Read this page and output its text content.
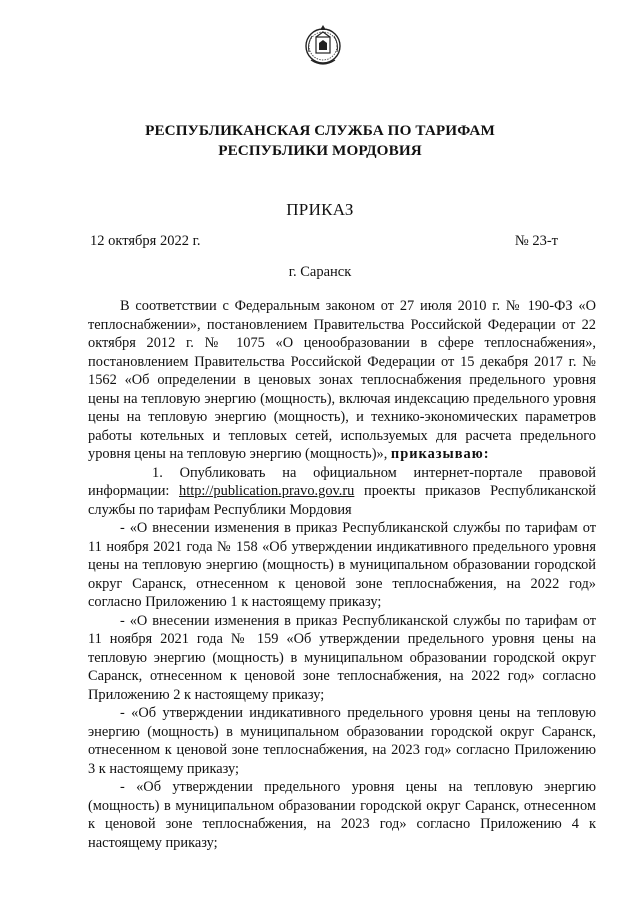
РЕСПУБЛИКАНСКАЯ СЛУЖБА ПО ТАРИФАМ
РЕСПУБЛИКИ МОРДОВИЯ
ПРИКАЗ
12 октября 2022 г.	№ 23-т
г. Саранск

В соответствии с Федеральным законом от 27 июля 2010 г. № 190-ФЗ «О теплоснабжении», постановлением Правительства Российской Федерации от 22 октября 2012 г. № 1075 «О ценообразовании в сфере теплоснабжения», постановлением Правительства Российской Федерации от 15 декабря 2017 г. № 1562 «Об определении в ценовых зонах теплоснабжения предельного уровня цены на тепловую энергию (мощность), включая индексацию предельного уровня цены на тепловую энергию (мощность), и технико-экономических параметров работы котельных и тепловых сетей, используемых для расчета предельного уровня цены на тепловую энергию (мощность)», приказываю:

1. Опубликовать на официальном интернет-портале правовой информации: http://publication.pravo.gov.ru проекты приказов Республиканской службы по тарифам Республики Мордовия

- «О внесении изменения в приказ Республиканской службы по тарифам от 11 ноября 2021 года № 158 «Об утверждении индикативного предельного уровня цены на тепловую энергию (мощность) в муниципальном образовании городской округ Саранск, отнесенном к ценовой зоне теплоснабжения, на 2022 год» согласно Приложению 1 к настоящему приказу;

- «О внесении изменения в приказ Республиканской службы по тарифам от 11 ноября 2021 года № 159 «Об утверждении предельного уровня цены на тепловую энергию (мощность) в муниципальном образовании городской округ Саранск, отнесенном к ценовой зоне теплоснабжения, на 2022 год» согласно Приложению 2 к настоящему приказу;

- «Об утверждении индикативного предельного уровня цены на тепловую энергию (мощность) в муниципальном образовании городской округ Саранск, отнесенном к ценовой зоне теплоснабжения, на 2023 год» согласно Приложению 3 к настоящему приказу;

- «Об утверждении предельного уровня цены на тепловую энергию (мощность) в муниципальном образовании городской округ Саранск, отнесенном к ценовой зоне теплоснабжения, на 2023 год» согласно Приложению 4 к настоящему приказу;
